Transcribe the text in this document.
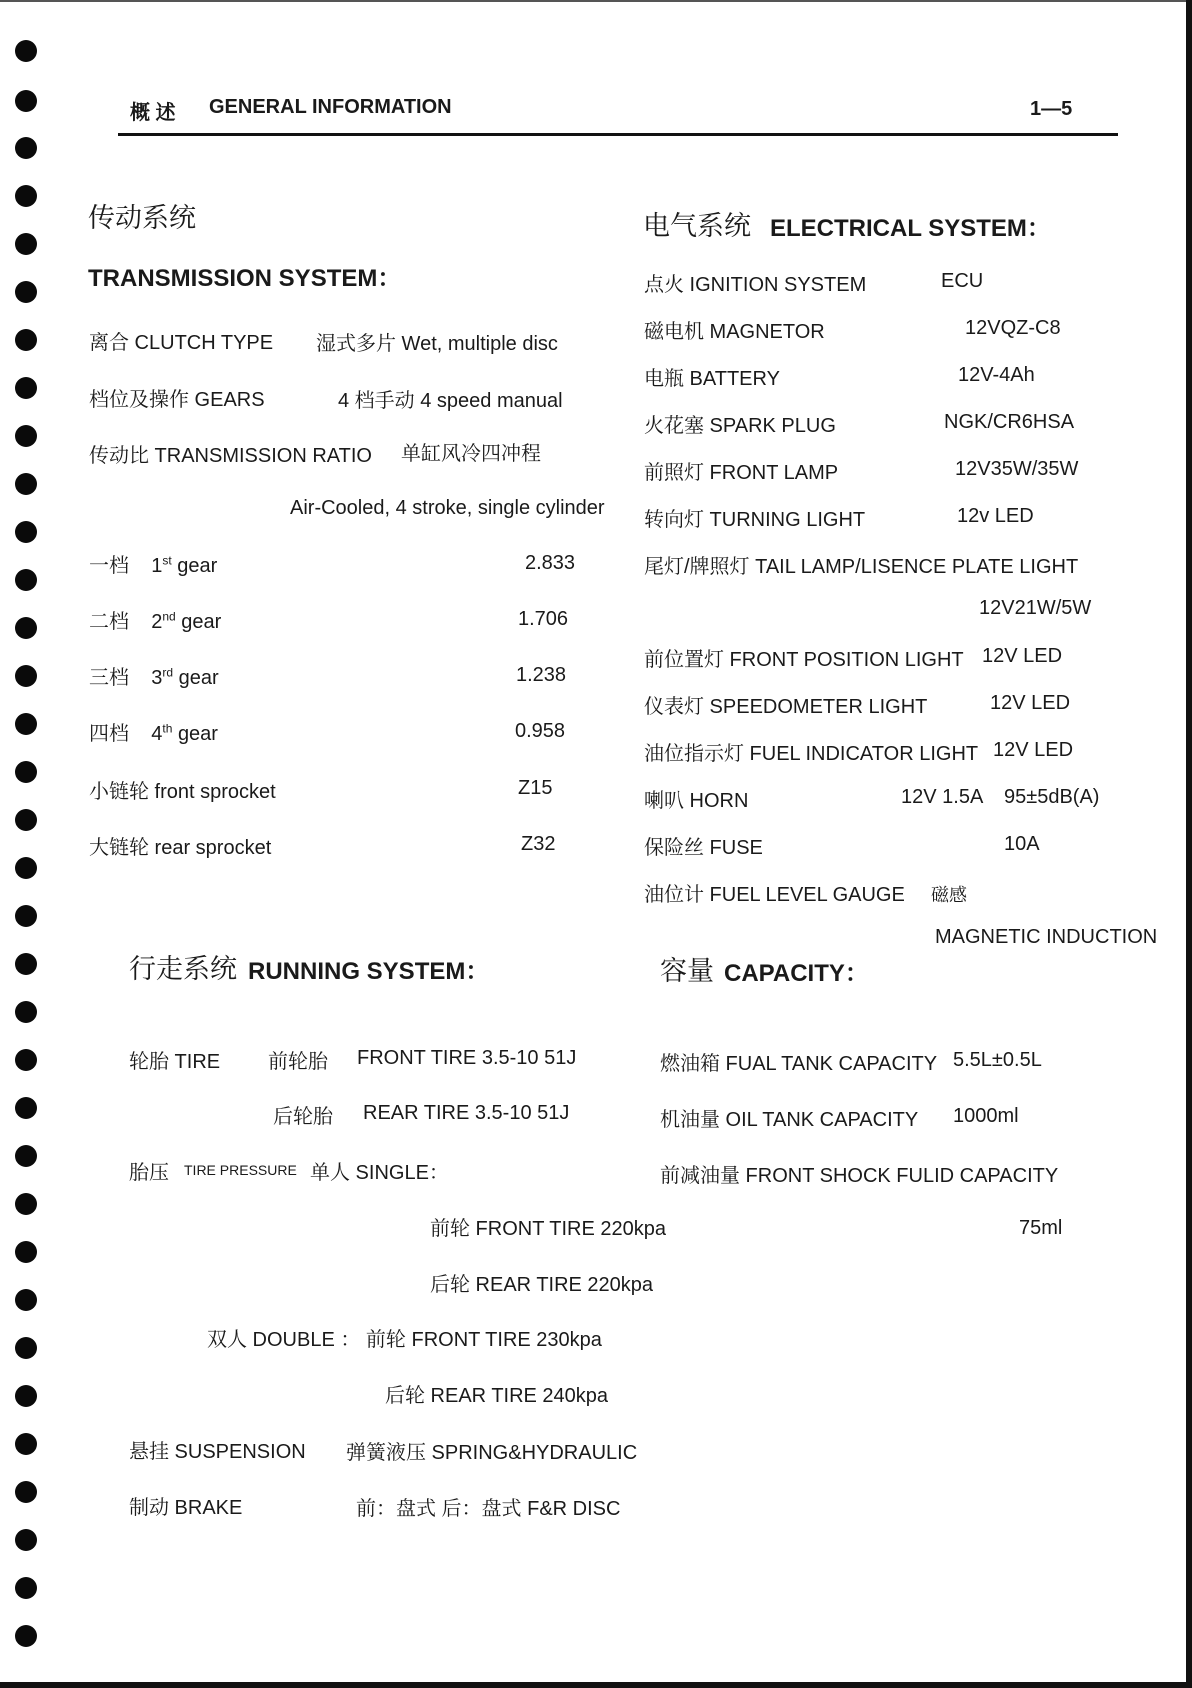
概 述 GENERAL INFORMATION	1—5
传动系统
TRANSMISSION SYSTEM：
离合 CLUTCH TYPE 湿式多片 Wet, multiple disc
档位及操作 GEARS	4 档手动 4 speed manual
传动比 TRANSMISSION RATIO 单缸风冷四冲程
Air-Cooled, 4 stroke, single cylinder
一档 1st gear	2.833
二档 2nd gear	1.706
三档 3rd gear	1.238
四档 4th gear	0.958
小链轮 front sprocket	Z15
大链轮 rear sprocket	Z32
电气系统 ELECTRICAL SYSTEM：
点火 IGNITION SYSTEM	ECU
磁电机 MAGNETOR	12VQZ-C8
电瓶 BATTERY	12V-4Ah
火花塞 SPARK PLUG	NGK/CR6HSA
前照灯 FRONT LAMP	12V35W/35W
转向灯 TURNING LIGHT	12v LED
尾灯/牌照灯 TAIL LAMP/LISENCE PLATE LIGHT
12V21W/5W
前位置灯 FRONT POSITION LIGHT 12V LED
仪表灯 SPEEDOMETER LIGHT	12V LED
油位指示灯 FUEL INDICATOR LIGHT 12V LED
喇叭 HORN	12V 1.5A 95±5dB(A)
保险丝 FUSE	10A
油位计 FUEL LEVEL GAUGE 磁感
MAGNETIC INDUCTION
行走系统 RUNNING SYSTEM：
轮胎 TIRE 前轮胎 FRONT TIRE 3.5-10 51J
后轮胎 REAR TIRE 3.5-10 51J
胎压 TIRE PRESSURE 单人 SINGLE：
前轮 FRONT TIRE 220kpa
后轮 REAR TIRE 220kpa
双人 DOUBLE ： 前轮 FRONT TIRE 230kpa
后轮 REAR TIRE 240kpa
悬挂 SUSPENSION 弹簧液压 SPRING&HYDRAULIC
制动 BRAKE	前：盘式 后：盘式 F&R DISC
容量 CAPACITY：
燃油箱 FUAL TANK CAPACITY 5.5L±0.5L
机油量 OIL TANK CAPACITY 1000ml
前减油量 FRONT SHOCK FULID CAPACITY
75ml
